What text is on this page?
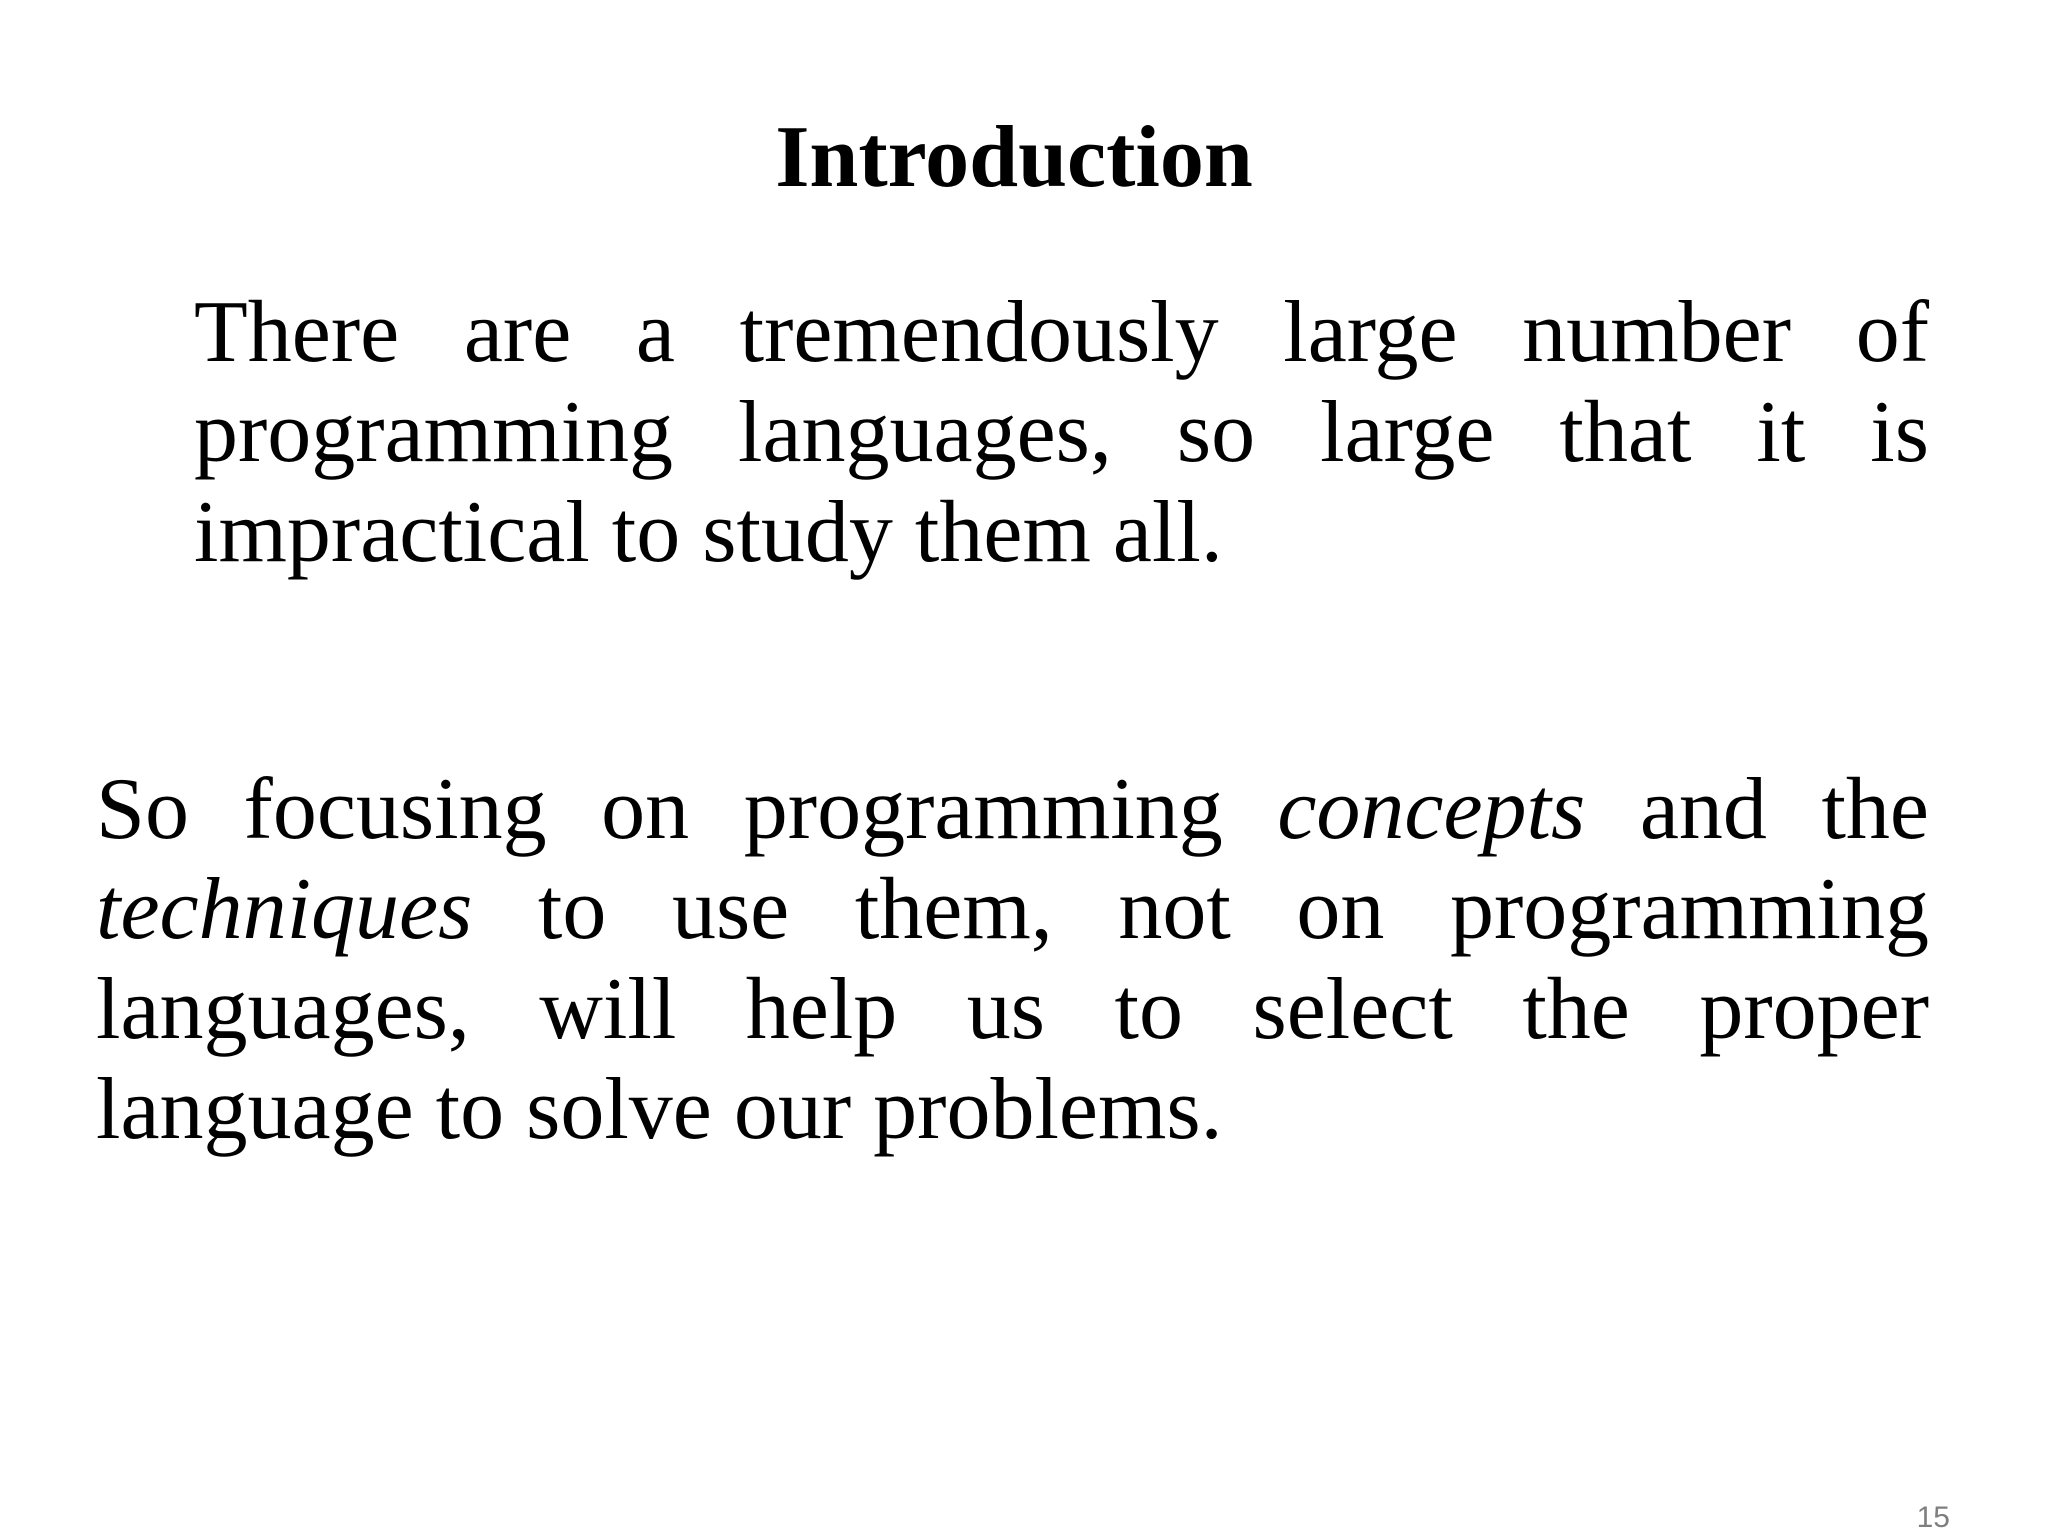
Introduction

There are a tremendously large number of programming languages, so large that it is impractical to study them all.

So focusing on programming concepts and the techniques to use them, not on programming languages, will help us to select the proper language to solve our problems.

15
